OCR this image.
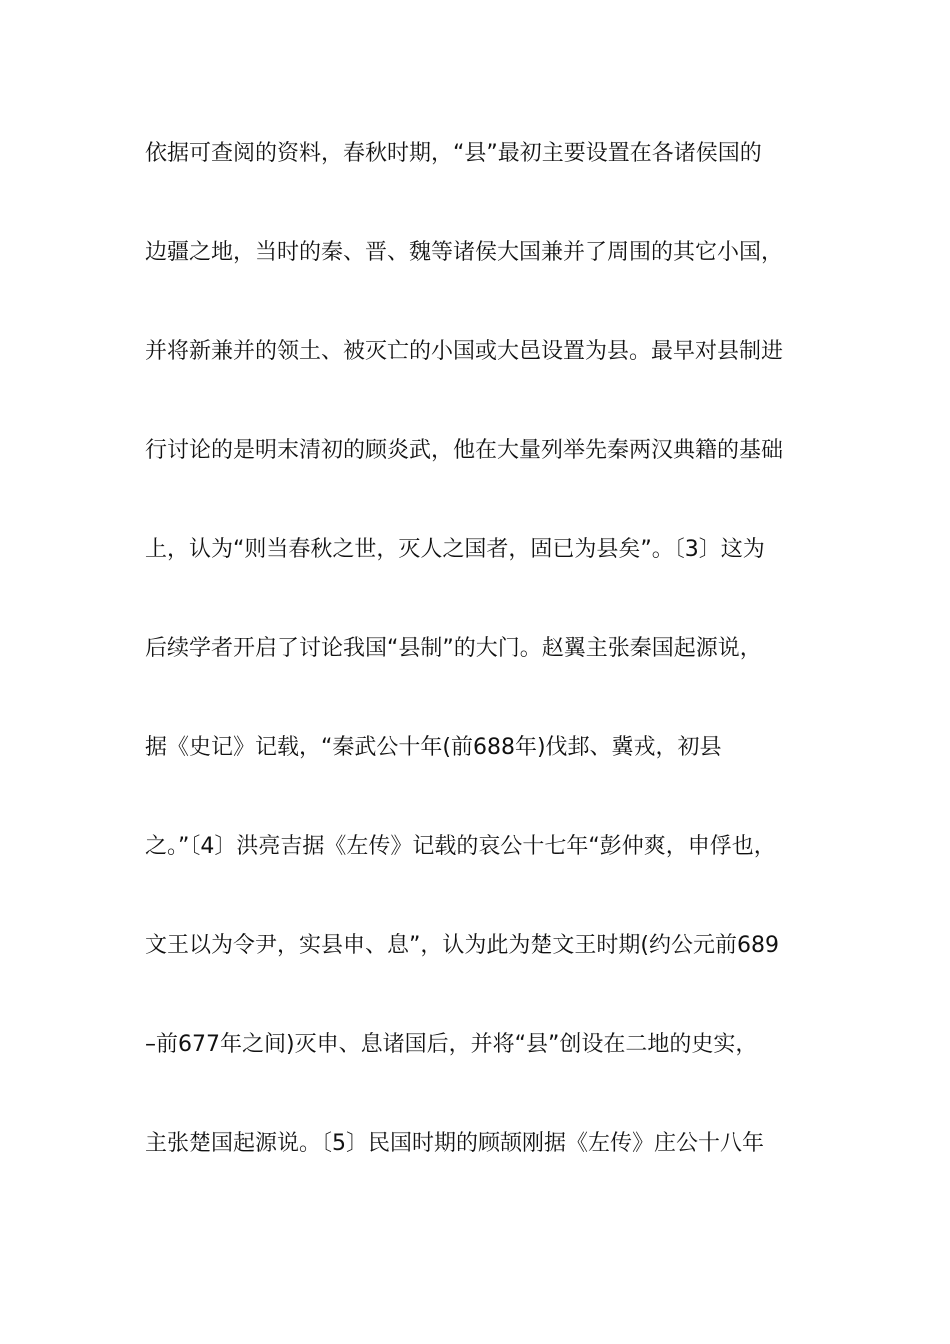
依据可查阅的资料，春秋时期，“县”最初主要设置在各诸侯国的
边疆之地，当时的秦、晋、魏等诸侯大国兼并了周围的其它小国，
并将新兼并的领土、被灭亡的小国或大邑设置为县。最早对县制进
行讨论的是明末清初的顾炎武，他在大量列举先秦两汉典籍的基础
上，认为“则当春秋之世，灭人之国者，固已为县矣”。〔3〕这为
后续学者开启了讨论我国“县制”的大门。赵翼主张秦国起源说，
据《史记》记载，“秦武公十年(前688年)伐邽、冀戎，初县
之。”〔4〕洪亮吉据《左传》记载的哀公十七年“彭仲爽，申俘也，
文王以为令尹，实县申、息”，认为此为楚文王时期(约公元前689
–前677年之间)灭申、息诸国后，并将“县”创设在二地的史实，
主张楚国起源说。〔5〕民国时期的顾颉刚据《左传》庄公十八年
